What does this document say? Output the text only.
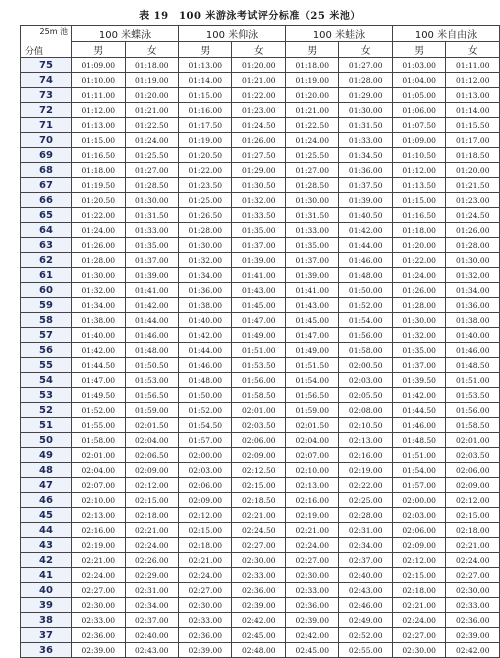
表 19　100 米游泳考试评分标准（25 米池）
25m 池
分值	100 米蝶泳		100 米仰泳		100 米蛙泳		100 米自由泳	
	男	女	男	女	男	女	男	女
75	01:09.00	01:18.00	01:13.00	01:20.00	01:18.00	01:27.00	01:03.00	01:11.00
74	01:10.00	01:19.00	01:14.00	01:21.00	01:19.00	01:28.00	01:04.00	01:12.00
73	01:11.00	01:20.00	01:15.00	01:22.00	01:20.00	01:29.00	01:05.00	01:13.00
72	01:12.00	01:21.00	01:16.00	01:23.00	01:21.00	01:30.00	01:06.00	01:14.00
71	01:13.00	01:22.50	01:17.50	01:24.50	01:22.50	01:31.50	01:07.50	01:15.50
70	01:15.00	01:24.00	01:19.00	01:26.00	01:24.00	01:33.00	01:09.00	01:17.00
69	01:16.50	01:25.50	01:20.50	01:27.50	01:25.50	01:34.50	01:10.50	01:18.50
68	01:18.00	01:27.00	01:22.00	01:29.00	01:27.00	01:36.00	01:12.00	01:20.00
67	01:19.50	01:28.50	01:23.50	01:30.50	01:28.50	01:37.50	01:13.50	01:21.50
66	01:20.50	01:30.00	01:25.00	01:32.00	01:30.00	01:39.00	01:15.00	01:23.00
65	01:22.00	01:31.50	01:26.50	01:33.50	01:31.50	01:40.50	01:16.50	01:24.50
64	01:24.00	01:33.00	01:28.00	01:35.00	01:33.00	01:42.00	01:18.00	01:26.00
63	01:26.00	01:35.00	01:30.00	01:37.00	01:35.00	01:44.00	01:20.00	01:28.00
62	01:28.00	01:37.00	01:32.00	01:39.00	01:37.00	01:46.00	01:22.00	01:30.00
61	01:30.00	01:39.00	01:34.00	01:41.00	01:39.00	01:48.00	01:24.00	01:32.00
60	01:32.00	01:41.00	01:36.00	01:43.00	01:41.00	01:50.00	01:26.00	01:34.00
59	01:34.00	01:42.00	01:38.00	01:45.00	01:43.00	01:52.00	01:28.00	01:36.00
58	01:38.00	01:44.00	01:40.00	01:47.00	01:45.00	01:54.00	01:30.00	01:38.00
57	01:40.00	01:46.00	01:42.00	01:49.00	01:47.00	01:56.00	01:32.00	01:40.00
56	01:42.00	01:48.00	01:44.00	01:51.00	01:49.00	01:58.00	01:35.00	01:46.00
55	01:44.50	01:50.50	01:46.00	01:53.50	01:51.50	02:00.50	01:37.00	01:48.50
54	01:47.00	01:53.00	01:48.00	01:56.00	01:54.00	02:03.00	01:39.50	01:51.00
53	01:49.50	01:56.50	01:50.00	01:58.50	01:56.50	02:05.50	01:42.00	01:53.50
52	01:52.00	01:59.00	01:52.00	02:01.00	01:59.00	02:08.00	01:44.50	01:56.00
51	01:55.00	02:01.50	01:54.50	02:03.50	02:01.50	02:10.50	01:46.00	01:58.50
50	01:58.00	02:04.00	01:57.00	02:06.00	02:04.00	02:13.00	01:48.50	02:01.00
49	02:01.00	02:06.50	02:00.00	02:09.00	02:07.00	02:16.00	01:51.00	02:03.50
48	02:04.00	02:09.00	02:03.00	02:12.50	02:10.00	02:19.00	01:54.00	02:06.00
47	02:07.00	02:12.00	02:06.00	02:15.00	02:13.00	02:22.00	01:57.00	02:09.00
46	02:10.00	02:15.00	02:09.00	02:18.50	02:16.00	02:25.00	02:00.00	02:12.00
45	02:13.00	02:18.00	02:12.00	02:21.00	02:19.00	02:28.00	02:03.00	02:15.00
44	02:16.00	02:21.00	02:15.00	02:24.50	02:21.00	02:31.00	02:06.00	02:18.00
43	02:19.00	02:24.00	02:18.00	02:27.00	02:24.00	02:34.00	02:09.00	02:21.00
42	02:21.00	02:26.00	02:21.00	02:30.00	02:27.00	02:37.00	02:12.00	02:24.00
41	02:24.00	02:29.00	02:24.00	02:33.00	02:30.00	02:40.00	02:15.00	02:27.00
40	02:27.00	02:31.00	02:27.00	02:36.00	02:33.00	02:43.00	02:18.00	02:30.00
39	02:30.00	02:34.00	02:30.00	02:39.00	02:36.00	02:46.00	02:21.00	02:33.00
38	02:33.00	02:37.00	02:33.00	02:42.00	02:39.00	02:49.00	02:24.00	02:36.00
37	02:36.00	02:40.00	02:36.00	02:45.00	02:42.00	02:52.00	02:27.00	02:39.00
36	02:39.00	02:43.00	02:39.00	02:48.00	02:45.00	02:55.00	02:30.00	02:42.00
